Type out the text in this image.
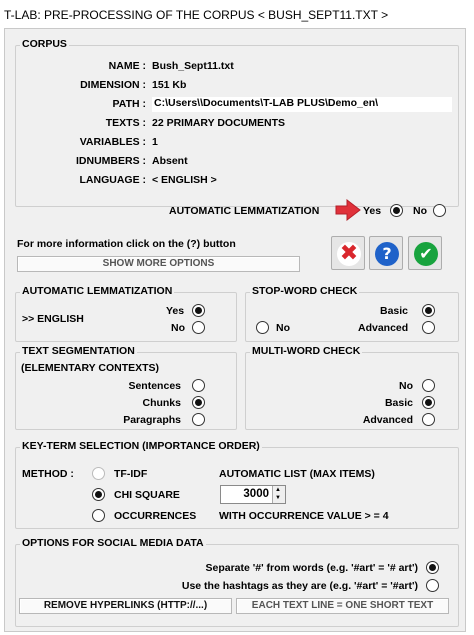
T-LAB: PRE-PROCESSING OF THE CORPUS < BUSH_SEPT11.TXT >
CORPUS
NAME : Bush_Sept11.txt
DIMENSION : 151 Kb
PATH : C:\Users\\Documents\T-LAB PLUS\Demo_en\
TEXTS : 22 PRIMARY DOCUMENTS
VARIABLES : 1
IDNUMBERS : Absent
LANGUAGE : < ENGLISH >
AUTOMATIC LEMMATIZATION	Yes	No
For more information click on the (?) button
SHOW MORE OPTIONS	✖	?	✔
AUTOMATIC LEMMATIZATION
>> ENGLISH
Yes
No
STOP-WORD CHECK
Basic
No	Advanced
TEXT SEGMENTATION
(ELEMENTARY CONTEXTS)
Sentences
Chunks
Paragraphs
MULTI-WORD CHECK
No
Basic
Advanced
KEY-TERM SELECTION (IMPORTANCE ORDER)
METHOD :	TF-IDF
CHI SQUARE
OCCURRENCES
AUTOMATIC LIST (MAX ITEMS)
3000 ▲
▼
WITH OCCURRENCE VALUE > = 4
OPTIONS FOR SOCIAL MEDIA DATA
Separate '#' from words (e.g. '#art' = '# art')
Use the hashtags as they are (e.g. '#art' = '#art')
REMOVE HYPERLINKS (HTTP://...)	EACH TEXT LINE = ONE SHORT TEXT
